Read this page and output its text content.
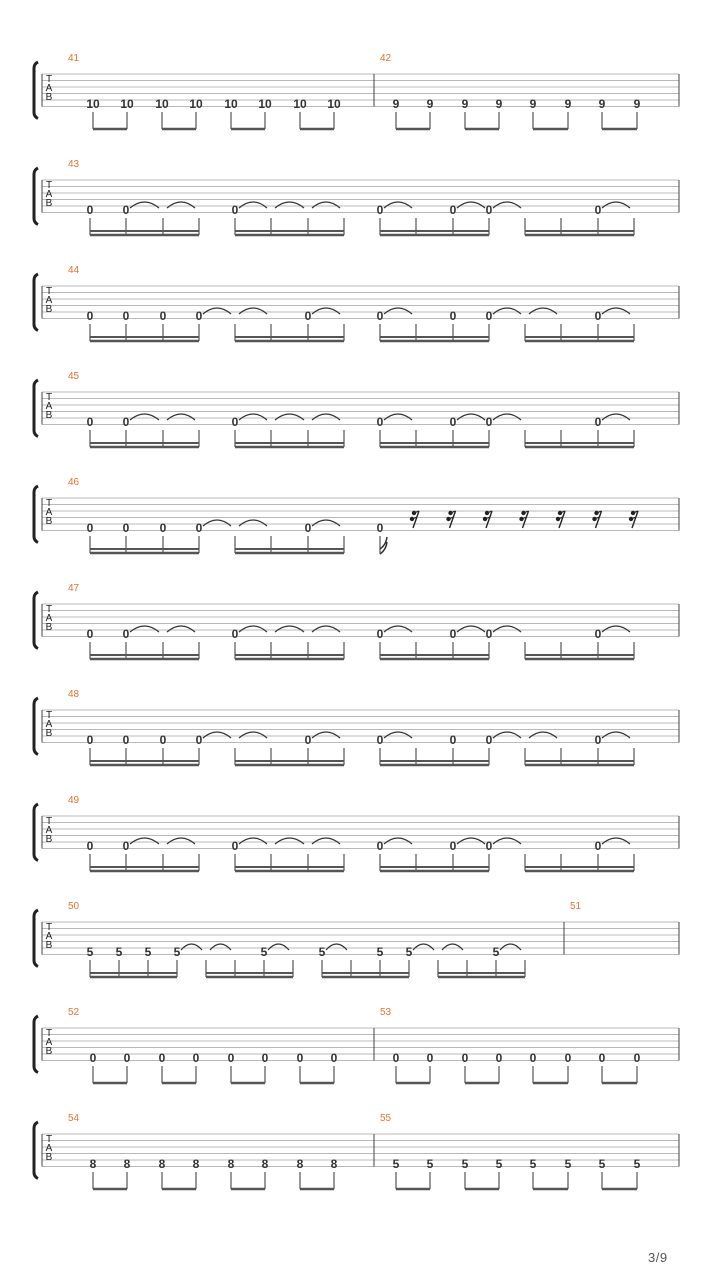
T
A
B
41
10 10 10 10 10 10 10 10
42
9 9 9 9 9 9 9 9
T
A
B
43
0 0	0	0	0 0	0
T
A
B
44
0 0	0 0	0	0	0 0	0
T
A
B
45
0 0	0	0	0 0	0
T
A
B
46
0 0	0 0	0	0
T
A
B
47
0 0	0	0	0 0	0
T
A
B
48
0 0	0 0	0	0	0 0	0
T
A
B
49
0 0	0	0	0 0	0
T
A
B
50
5 5 5 5	5	5	5 5	5
51
T
A
B
52
0 0 0 0 0 0 0 0
53
0 0 0 0 0 0 0 0
T
A
B
54
8 8 8 8 8 8 8 8
55
5 5 5 5 5 5 5 5
3/9
